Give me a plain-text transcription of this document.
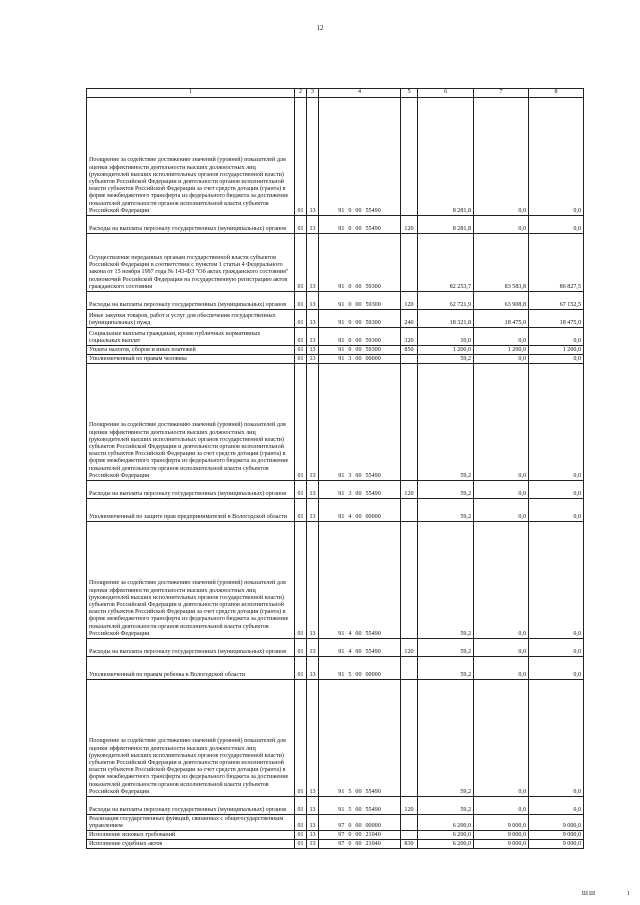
12
1	2	3	4	5	6	7	8
Поощрение за содействие достижению значений (уровней) показателей для оценки эффективности деятельности высших должностных лиц (руководителей высших исполнительных органов государственной власти) субъектов Российской Федерации и деятельности органов исполнительной власти субъектов Российской Федерации за счет средств дотации (гранта) в форме межбюджетного трансферта из федерального бюджета за достижение показателей деятельности органов исполнительной власти субъектов Российской Федерации	01	13	91 0 00 55490		8 281,8	0,0	0,0
Расходы на выплаты персоналу государственных (муниципальных) органов	01	13	91 0 00 55490	120	8 281,8	0,0	0,0
Осуществление переданных органам государственной власти субъектов Российской Федерации в соответствии с пунктом 1 статьи 4 Федерального закона от 15 ноября 1997 года № 143-ФЗ "Об актах гражданского состояния" полномочий Российской Федерации на государственную регистрацию актов гражданского состояния	01	13	91 0 00 59300		82 253,7	83 583,8	86 827,5
Расходы на выплаты персоналу государственных (муниципальных) органов	01	13	91 0 00 59300	120	62 721,9	63 908,8	67 152,5
Иные закупки товаров, работ и услуг для обеспечения государственных (муниципальных) нужд	01	13	91 0 00 59300	240	18 321,8	18 475,0	18 475,0
Социальные выплаты гражданам, кроме публичных нормативных социальных выплат	01	13	91 0 00 59300	320	10,0	0,0	0,0
Уплата налогов, сборов и иных платежей	01	13	91 0 00 59300	850	1 200,0	1 200,0	1 200,0
Уполномоченный по правам человека	01	13	91 3 00 00000		59,2	0,0	0,0
Поощрение за содействие достижению значений (уровней) показателей для оценки эффективности деятельности высших должностных лиц (руководителей высших исполнительных органов государственной власти) субъектов Российской Федерации и деятельности органов исполнительной власти субъектов Российской Федерации за счет средств дотации (гранта) в форме межбюджетного трансферта из федерального бюджета за достижение показателей деятельности органов исполнительной власти субъектов Российской Федерации	01	13	91 3 00 55490		59,2	0,0	0,0
Расходы на выплаты персоналу государственных (муниципальных) органов	01	13	91 3 00 55490	120	59,2	0,0	0,0
Уполномоченный по защите прав предпринимателей в Вологодской области	01	13	91 4 00 00000		59,2	0,0	0,0
Поощрение за содействие достижению значений (уровней) показателей для оценки эффективности деятельности высших должностных лиц (руководителей высших исполнительных органов государственной власти) субъектов Российской Федерации и деятельности органов исполнительной власти субъектов Российской Федерации за счет средств дотации (гранта) в форме межбюджетного трансферта из федерального бюджета за достижение показателей деятельности органов исполнительной власти субъектов Российской Федерации	01	13	91 4 00 55490		59,2	0,0	0,0
Расходы на выплаты персоналу государственных (муниципальных) органов	01	13	91 4 00 55490	120	59,2	0,0	0,0
Уполномоченный по правам ребенка в Вологодской области	01	13	91 5 00 00000		59,2	0,0	0,0
Поощрение за содействие достижению значений (уровней) показателей для оценки эффективности деятельности высших должностных лиц (руководителей высших исполнительных органов государственной власти) субъектов Российской Федерации и деятельности органов исполнительной власти субъектов Российской Федерации за счет средств дотации (гранта) в форме межбюджетного трансферта из федерального бюджета за достижение показателей деятельности органов исполнительной власти субъектов Российской Федерации	01	13	91 5 00 55490		59,2	0,0	0,0
Расходы на выплаты персоналу государственных (муниципальных) органов	01	13	91 5 00 55490	120	59,2	0,0	0,0
Реализация государственных функций, связанных с общегосударственным управлением	01	13	97 0 00 00000		6 200,0	9 000,0	9 000,0
Исполнение исковых требований	01	13	97 0 00 21040		6 200,0	9 000,0	9 000,0
Исполнение судебных актов	01	13	97 0 00 21040	830	6 200,0	9 000,0	9 000,0
ШШ	1
